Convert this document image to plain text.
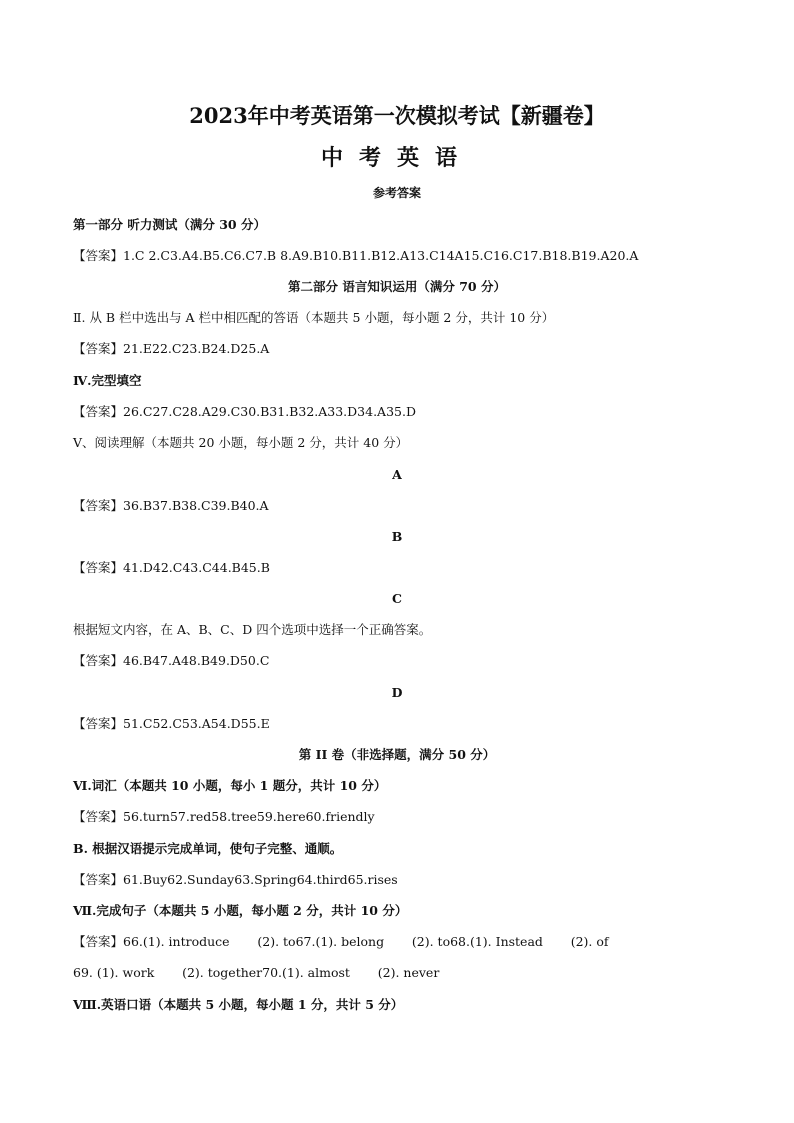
2023年中考英语第一次模拟考试【新疆卷】
中考英语
参考答案
第一部分 听力测试（满分 30 分）
【答案】1.C 2.C3.A4.B5.C6.C7.B 8.A9.B10.B11.B12.A13.C14A15.C16.C17.B18.B19.A20.A
第二部分 语言知识运用（满分 70 分）
Ⅱ. 从 B 栏中选出与 A 栏中相匹配的答语（本题共 5 小题，每小题 2 分，共计 10 分）
【答案】21.E22.C23.B24.D25.A
Ⅳ.完型填空
【答案】26.C27.C28.A29.C30.B31.B32.A33.D34.A35.D
Ⅴ、阅读理解（本题共 20 小题，每小题 2 分，共计 40 分）
A
【答案】36.B37.B38.C39.B40.A
B
【答案】41.D42.C43.C44.B45.B
C
根据短文内容，在 A、B、C、D 四个选项中选择一个正确答案。
【答案】46.B47.A48.B49.D50.C
D
【答案】51.C52.C53.A54.D55.E
第 II 卷（非选择题，满分 50 分）
Ⅵ.词汇（本题共 10 小题，每小 1 题分，共计 10 分）
【答案】56.turn57.red58.tree59.here60.friendly
B. 根据汉语提示完成单词，使句子完整、通顺。
【答案】61.Buy62.Sunday63.Spring64.third65.rises
Ⅶ.完成句子（本题共 5 小题，每小题 2 分，共计 10 分）
【答案】66.(1). introduce       (2). to67.(1). belong       (2). to68.(1). Instead       (2). of
69. (1). work       (2). together70.(1). almost       (2). never
Ⅷ.英语口语（本题共 5 小题，每小题 1 分，共计 5 分）
